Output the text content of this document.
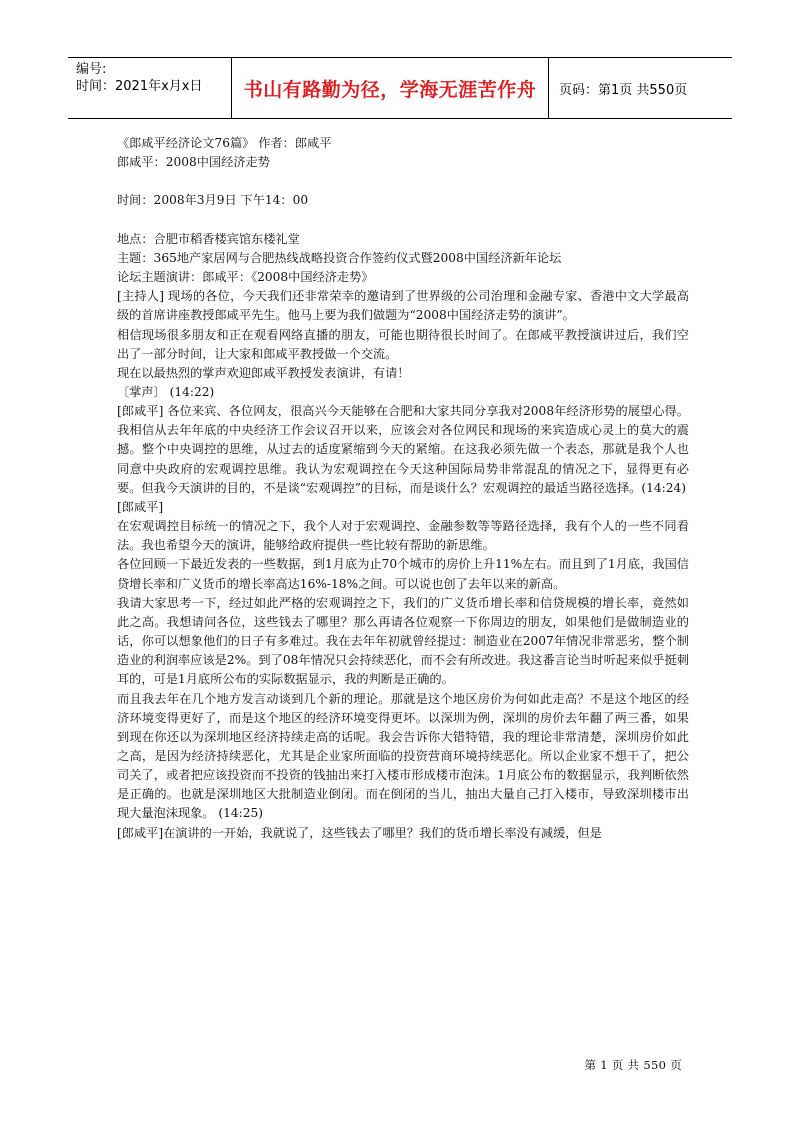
编号:
时间：2021年x月x日	书山有路勤为径，学海无涯苦作舟	页码：第1页 共550页

《郎咸平经济论文76篇》 作者：郎咸平

郎咸平：2008中国经济走势

时间：2008年3月9日 下午14：00

地点：合肥市稻香楼宾馆东楼礼堂

主题：365地产家居网与合肥热线战略投资合作签约仪式暨2008中国经济新年论坛

论坛主题演讲：郎咸平：《2008中国经济走势》

[主持人] 现场的各位，今天我们还非常荣幸的邀请到了世界级的公司治理和金融专家、香港中文大学最高级的首席讲座教授郎咸平先生。他马上要为我们做题为“2008中国经济走势的演讲”。

相信现场很多朋友和正在观看网络直播的朋友，可能也期待很长时间了。在郎咸平教授演讲过后，我们空出了一部分时间，让大家和郎咸平教授做一个交流。

现在以最热烈的掌声欢迎郎咸平教授发表演讲，有请！

〔掌声〕 (14:22)

[郎咸平] 各位来宾、各位网友，很高兴今天能够在合肥和大家共同分享我对2008年经济形势的展望心得。我相信从去年年底的中央经济工作会议召开以来，应该会对各位网民和现场的来宾造成心灵上的莫大的震撼。整个中央调控的思维，从过去的适度紧缩到今天的紧缩。在这我必须先做一个表态，那就是我个人也同意中央政府的宏观调控思维。我认为宏观调控在今天这种国际局势非常混乱的情况之下，显得更有必要。但我今天演讲的目的，不是谈“宏观调控”的目标，而是谈什么？宏观调控的最适当路径选择。(14:24)

[郎咸平]

在宏观调控目标统一的情况之下，我个人对于宏观调控、金融参数等等路径选择，我有个人的一些不同看法。我也希望今天的演讲，能够给政府提供一些比较有帮助的新思维。

各位回顾一下最近发表的一些数据，到1月底为止70个城市的房价上升11%左右。而且到了1月底，我国信贷增长率和广义货币的增长率高达16%-18%之间。可以说也创了去年以来的新高。

我请大家思考一下，经过如此严格的宏观调控之下，我们的广义货币增长率和信贷规模的增长率，竟然如此之高。我想请问各位，这些钱去了哪里？那么再请各位观察一下你周边的朋友，如果他们是做制造业的话，你可以想象他们的日子有多难过。我在去年年初就曾经提过：制造业在2007年情况非常恶劣，整个制造业的利润率应该是2%。到了08年情况只会持续恶化，而不会有所改进。我这番言论当时听起来似乎挺刺耳的，可是1月底所公布的实际数据显示，我的判断是正确的。

而且我去年在几个地方发言动谈到几个新的理论。那就是这个地区房价为何如此走高？不是这个地区的经济环境变得更好了，而是这个地区的经济环境变得更坏。以深圳为例，深圳的房价去年翻了两三番，如果到现在你还以为深圳地区经济持续走高的话呢。我会告诉你大错特错，我的理论非常清楚，深圳房价如此之高，是因为经济持续恶化，尤其是企业家所面临的投资营商环境持续恶化。所以企业家不想干了，把公司关了，或者把应该投资而不投资的钱抽出来打入楼市形成楼市泡沫。1月底公布的数据显示，我判断依然是正确的。也就是深圳地区大批制造业倒闭。而在倒闭的当儿，抽出大量自己打入楼市，导致深圳楼市出现大量泡沫现象。 (14:25)

[郎咸平]在演讲的一开始，我就说了，这些钱去了哪里？我们的货币增长率没有减缓，但是

第 1 页 共 550 页
